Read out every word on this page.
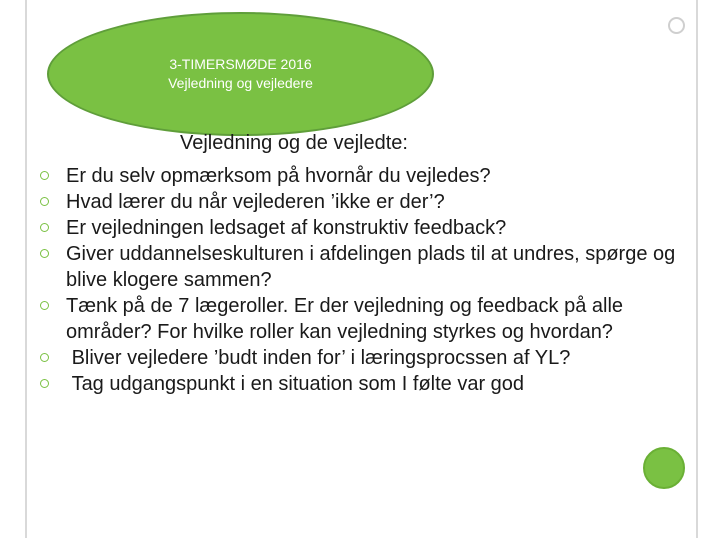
3-TIMERSMØDE 2016
Vejledning og vejledere
Vejledning og de vejledte:
Er du selv opmærksom på hvornår du vejledes?
Hvad lærer du når vejlederen ’ikke er der’?
Er vejledningen ledsaget af konstruktiv feedback?
Giver uddannelseskulturen i afdelingen plads til at undres, spørge og blive klogere sammen?
Tænk på de 7 lægeroller. Er der vejledning og feedback på alle områder? For hvilke roller kan vejledning styrkes og hvordan?
Bliver vejledere ’budt inden for’ i læringsprocssen af YL?
Tag udgangspunkt i en situation som I følte var god
